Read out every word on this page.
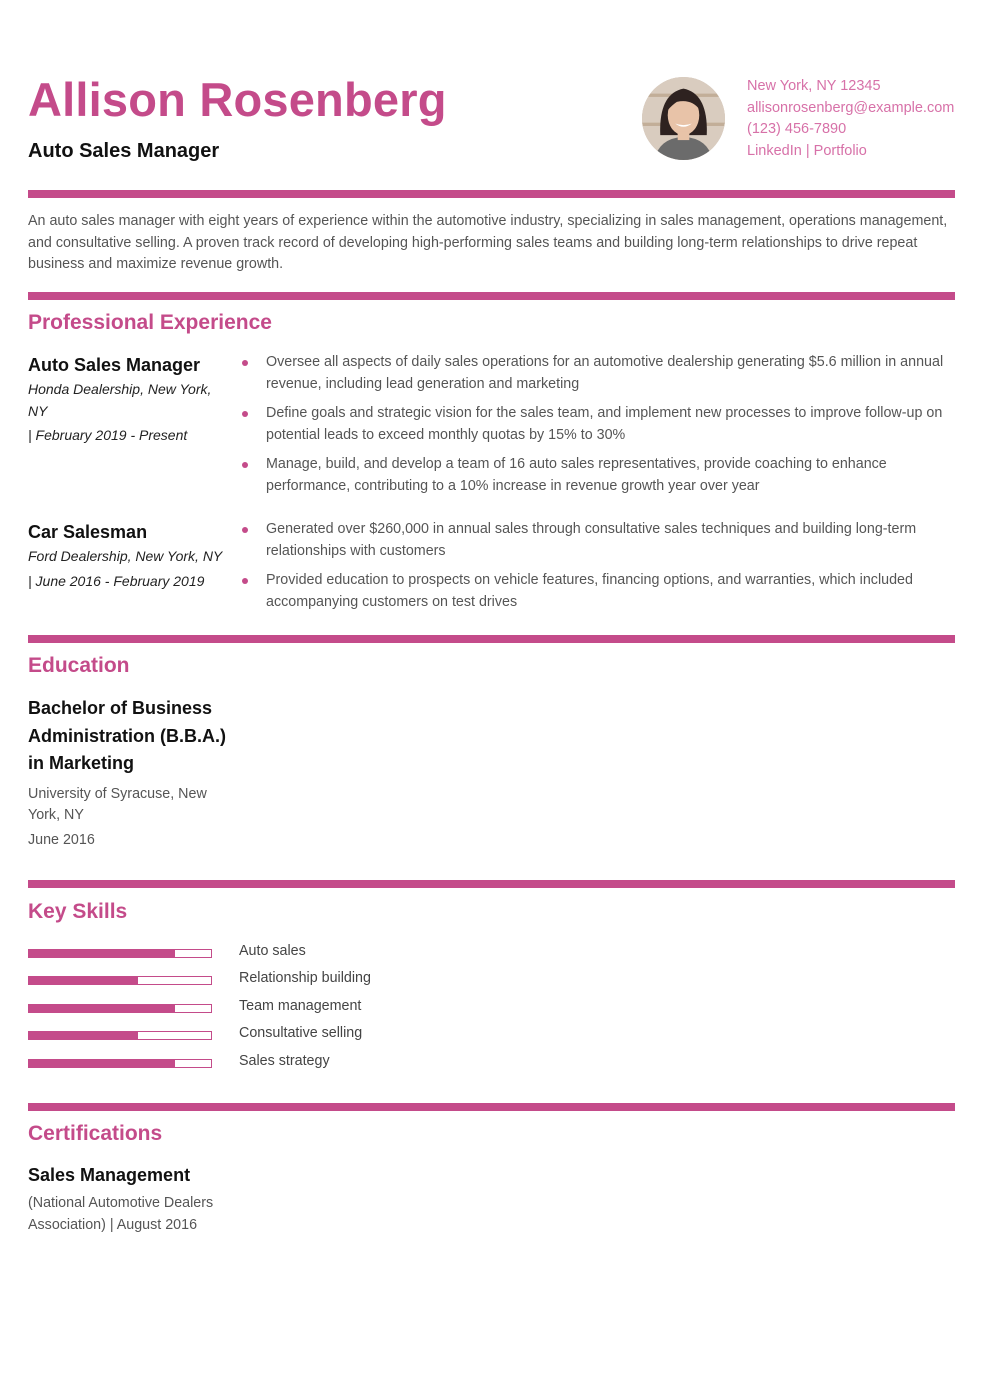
Allison Rosenberg
Auto Sales Manager
New York, NY 12345
allisonrosenberg@example.com
(123) 456-7890
LinkedIn | Portfolio

An auto sales manager with eight years of experience within the automotive industry, specializing in sales management, operations management, and consultative selling. A proven track record of developing high-performing sales teams and building long-term relationships to drive repeat business and maximize revenue growth.

Professional Experience
Auto Sales Manager
Honda Dealership, New York, NY
| February 2019 - Present
Oversee all aspects of daily sales operations for an automotive dealership generating $5.6 million in annual revenue, including lead generation and marketing
Define goals and strategic vision for the sales team, and implement new processes to improve follow-up on potential leads to exceed monthly quotas by 15% to 30%
Manage, build, and develop a team of 16 auto sales representatives, provide coaching to enhance performance, contributing to a 10% increase in revenue growth year over year
Car Salesman
Ford Dealership, New York, NY
| June 2016 - February 2019
Generated over $260,000 in annual sales through consultative sales techniques and building long-term relationships with customers
Provided education to prospects on vehicle features, financing options, and warranties, which included accompanying customers on test drives
Education
Bachelor of Business Administration (B.B.A.) in Marketing
University of Syracuse, New York, NY
June 2016
Key Skills
Auto sales
Relationship building
Team management
Consultative selling
Sales strategy
Certifications
Sales Management
(National Automotive Dealers Association) | August 2016
